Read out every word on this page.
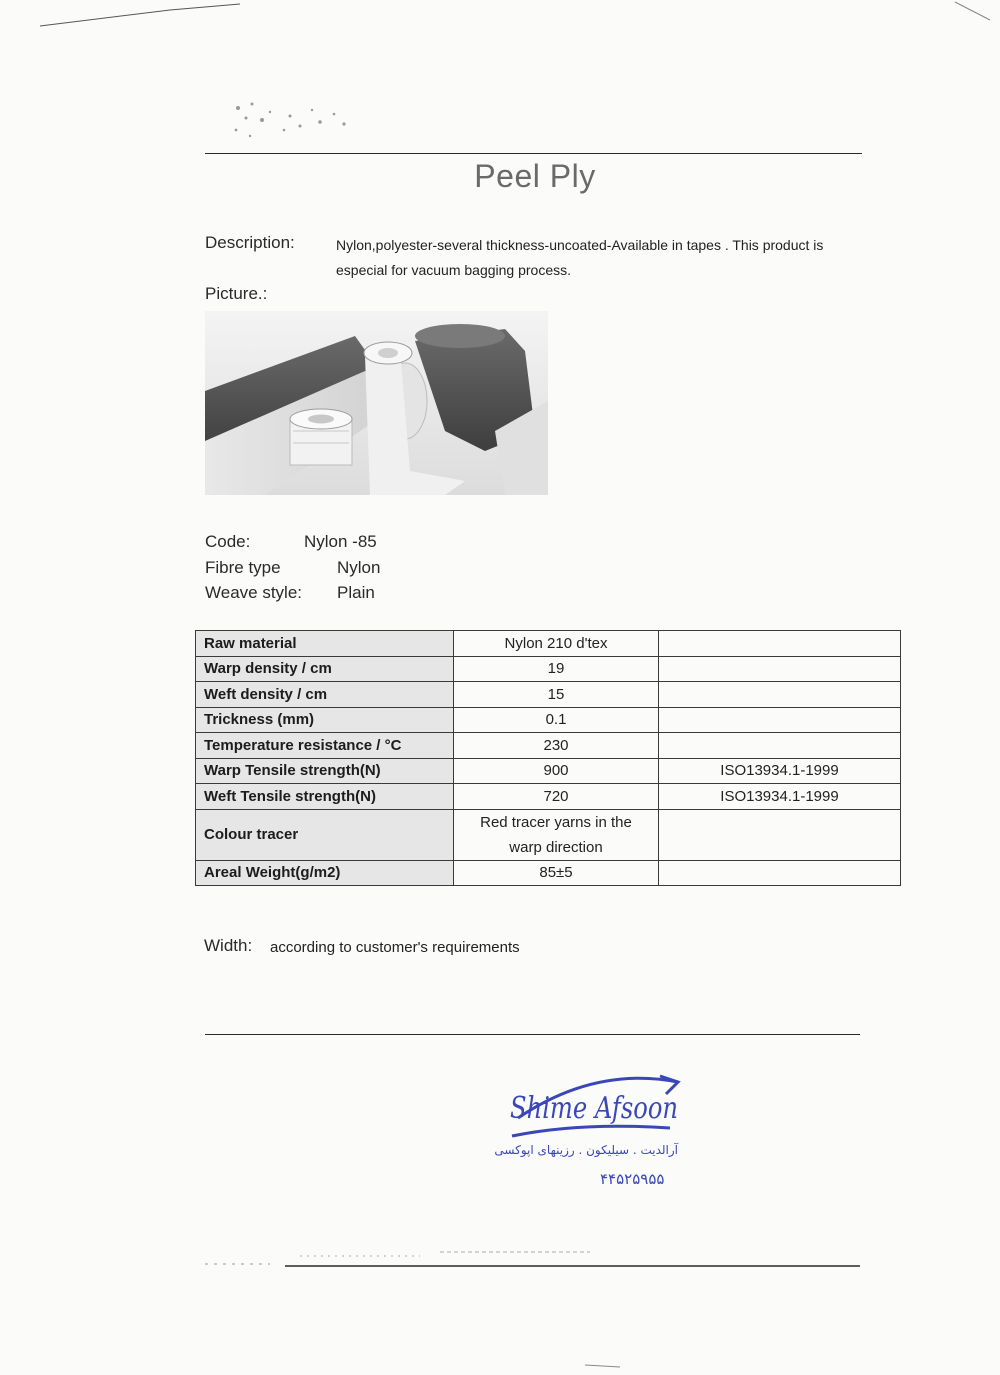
Peel Ply
Description:	Nylon,polyester-several thickness-uncoated-Available in tapes . This product is
especial for vacuum bagging process.
Picture.:
Code:	Nylon -85
Fibre type	Nylon
Weave style: Plain
Raw material	Nylon 210 d'tex	
Warp density / cm	19	
Weft density / cm	15	
Trickness (mm)	0.1	
Temperature resistance / °C	230	
Warp Tensile strength(N)	900	ISO13934.1-1999
Weft Tensile strength(N)	720	ISO13934.1-1999
Colour tracer	Red tracer yarns in the
warp direction	

Areal Weight(g/m2)	85±5	
Width: according to customer's requirements
Shime Afsoon
آرالدیت . سیلیکون . رزینهای اپوکسی
۴۴۵۲۵۹۵۵
